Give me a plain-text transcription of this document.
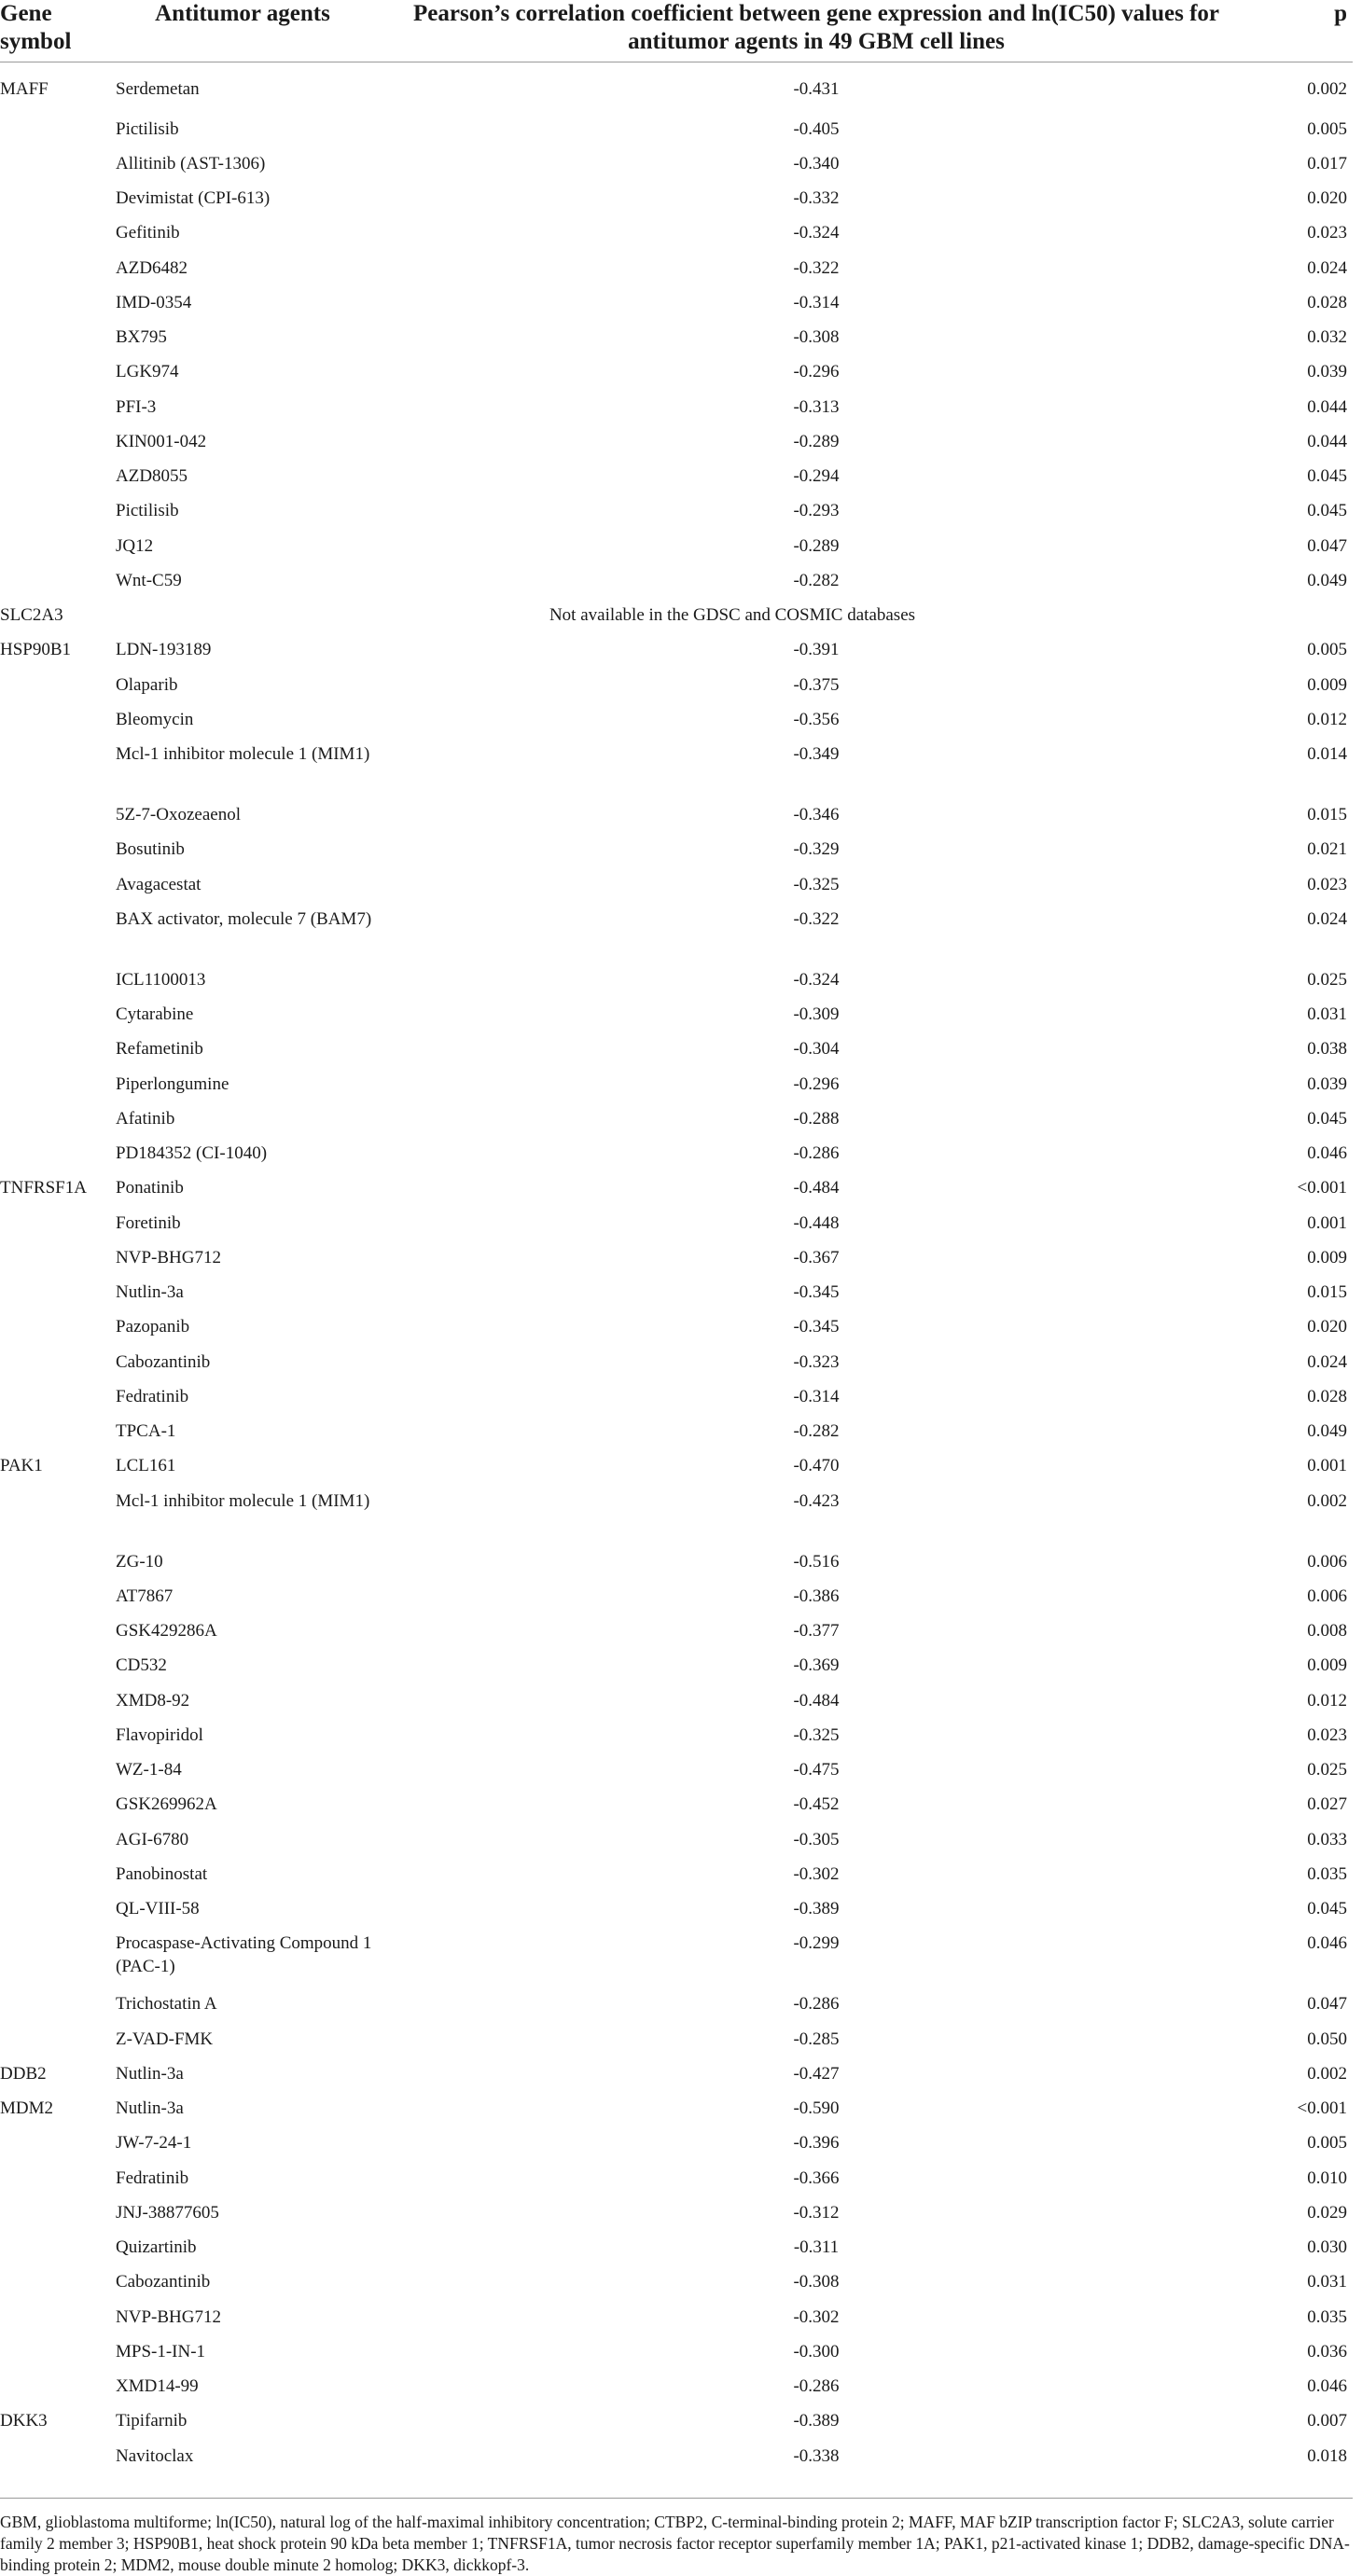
Gene symbol	Antitumor agents	Pearson’s correlation coefficient between gene expression and ln(IC50) values for antitumor agents in 49 GBM cell lines	p
MAFF	Serdemetan	-0.431	0.002
	Pictilisib	-0.405	0.005
	Allitinib (AST-1306)	-0.340	0.017
	Devimistat (CPI-613)	-0.332	0.020
	Gefitinib	-0.324	0.023
	AZD6482	-0.322	0.024
	IMD-0354	-0.314	0.028
	BX795	-0.308	0.032
	LGK974	-0.296	0.039
	PFI-3	-0.313	0.044
	KIN001-042	-0.289	0.044
	AZD8055	-0.294	0.045
	Pictilisib	-0.293	0.045
	JQ12	-0.289	0.047
	Wnt-C59	-0.282	0.049
SLC2A3	Not available in the GDSC and COSMIC databases		
HSP90B1	LDN-193189	-0.391	0.005
	Olaparib	-0.375	0.009
	Bleomycin	-0.356	0.012
	Mcl-1 inhibitor molecule 1 (MIM1)	-0.349	0.014
	5Z-7-Oxozeaenol	-0.346	0.015
	Bosutinib	-0.329	0.021
	Avagacestat	-0.325	0.023
	BAX activator, molecule 7 (BAM7)	-0.322	0.024
	ICL1100013	-0.324	0.025
	Cytarabine	-0.309	0.031
	Refametinib	-0.304	0.038
	Piperlongumine	-0.296	0.039
	Afatinib	-0.288	0.045
	PD184352 (CI-1040)	-0.286	0.046
TNFRSF1A	Ponatinib	-0.484	<0.001
	Foretinib	-0.448	0.001
	NVP-BHG712	-0.367	0.009
	Nutlin-3a	-0.345	0.015
	Pazopanib	-0.345	0.020
	Cabozantinib	-0.323	0.024
	Fedratinib	-0.314	0.028
	TPCA-1	-0.282	0.049
PAK1	LCL161	-0.470	0.001
	Mcl-1 inhibitor molecule 1 (MIM1)	-0.423	0.002
	ZG-10	-0.516	0.006
	AT7867	-0.386	0.006
	GSK429286A	-0.377	0.008
	CD532	-0.369	0.009
	XMD8-92	-0.484	0.012
	Flavopiridol	-0.325	0.023
	WZ-1-84	-0.475	0.025
	GSK269962A	-0.452	0.027
	AGI-6780	-0.305	0.033
	Panobinostat	-0.302	0.035
	QL-VIII-58	-0.389	0.045
	Procaspase-Activating Compound 1 (PAC-1)	-0.299	0.046
	Trichostatin A	-0.286	0.047
	Z-VAD-FMK	-0.285	0.050
DDB2	Nutlin-3a	-0.427	0.002
MDM2	Nutlin-3a	-0.590	<0.001
	JW-7-24-1	-0.396	0.005
	Fedratinib	-0.366	0.010
	JNJ-38877605	-0.312	0.029
	Quizartinib	-0.311	0.030
	Cabozantinib	-0.308	0.031
	NVP-BHG712	-0.302	0.035
	MPS-1-IN-1	-0.300	0.036
	XMD14-99	-0.286	0.046
DKK3	Tipifarnib	-0.389	0.007
	Navitoclax	-0.338	0.018
GBM, glioblastoma multiforme; ln(IC50), natural log of the half-maximal inhibitory concentration; CTBP2, C-terminal-binding protein 2; MAFF, MAF bZIP transcription factor F; SLC2A3, solute carrier family 2 member 3; HSP90B1, heat shock protein 90 kDa beta member 1; TNFRSF1A, tumor necrosis factor receptor superfamily member 1A; PAK1, p21-activated kinase 1; DDB2, damage-specific DNA-binding protein 2; MDM2, mouse double minute 2 homolog; DKK3, dickkopf-3.
